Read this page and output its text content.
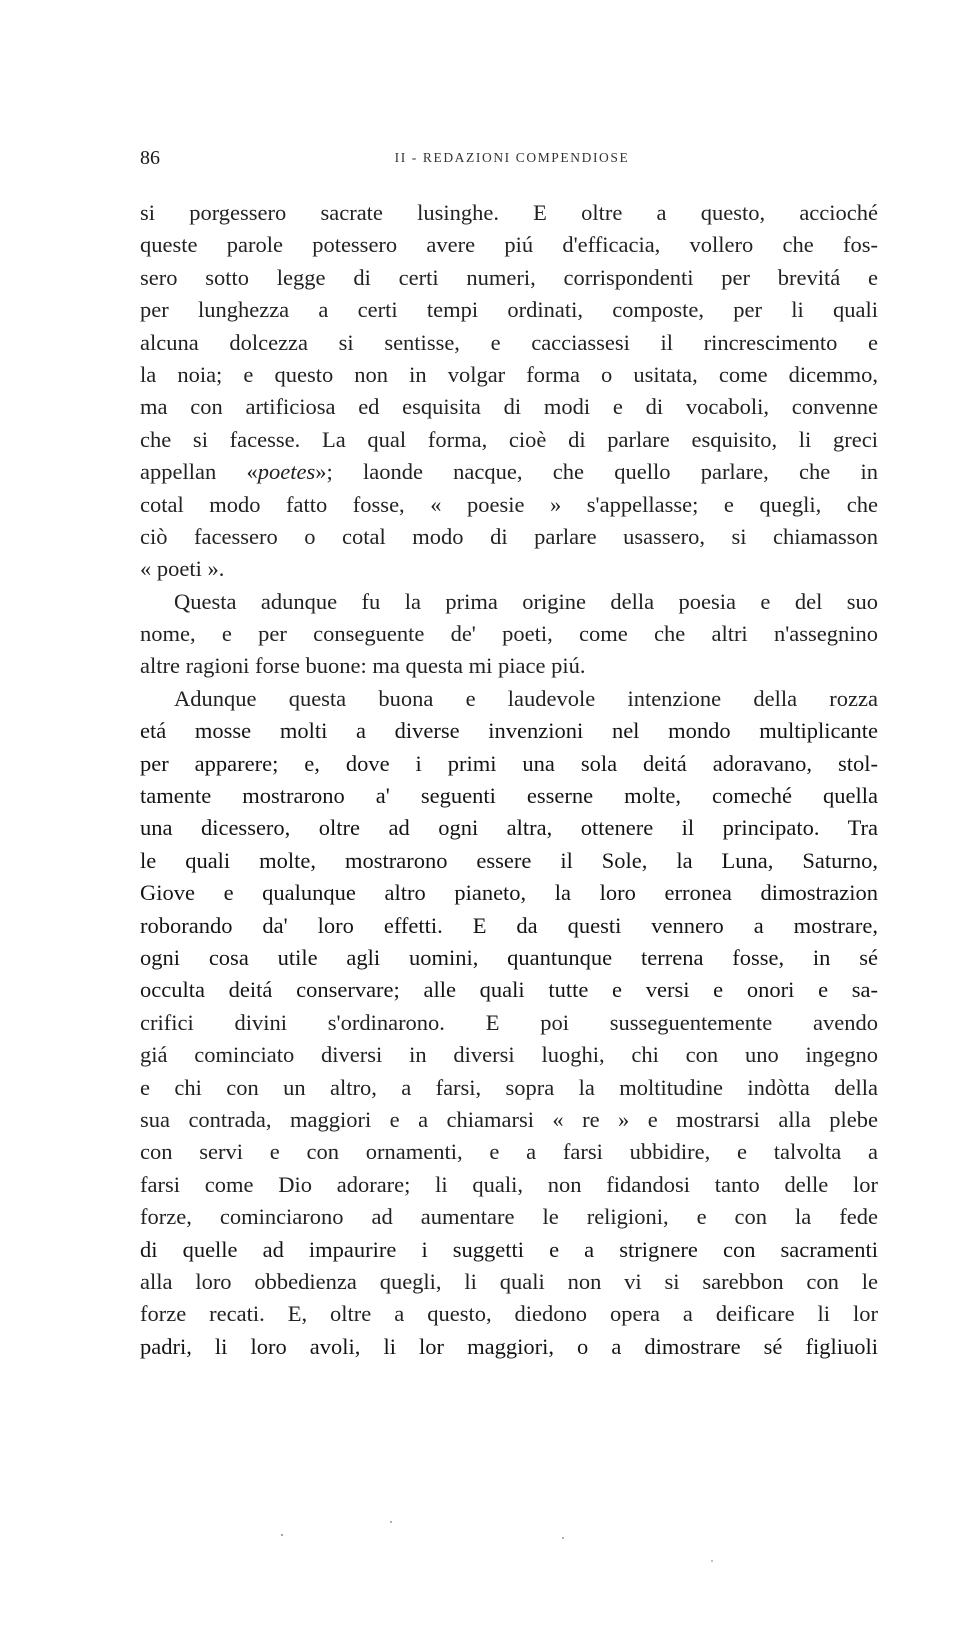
86	II - REDAZIONI COMPENDIOSE
si porgessero sacrate lusinghe. E oltre a questo, accioché
queste parole potessero avere piú d'efficacia, vollero che fos-
sero sotto legge di certi numeri, corrispondenti per brevitá e
per lunghezza a certi tempi ordinati, composte, per li quali
alcuna dolcezza si sentisse, e cacciassesi il rincrescimento e
la noia; e questo non in volgar forma o usitata, come dicemmo,
ma con artificiosa ed esquisita di modi e di vocaboli, convenne
che si facesse. La qual forma, cioè di parlare esquisito, li greci
appellan «poetes»; laonde nacque, che quello parlare, che in
cotal modo fatto fosse, « poesie » s'appellasse; e quegli, che
ciò facessero o cotal modo di parlare usassero, si chiamasson
« poeti ».
Questa adunque fu la prima origine della poesia e del suo
nome, e per conseguente de' poeti, come che altri n'assegnino
altre ragioni forse buone: ma questa mi piace piú.
Adunque questa buona e laudevole intenzione della rozza
etá mosse molti a diverse invenzioni nel mondo multiplicante
per apparere; e, dove i primi una sola deitá adoravano, stol-
tamente mostrarono a' seguenti esserne molte, comeché quella
una dicessero, oltre ad ogni altra, ottenere il principato. Tra
le quali molte, mostrarono essere il Sole, la Luna, Saturno,
Giove e qualunque altro pianeto, la loro erronea dimostrazion
roborando da' loro effetti. E da questi vennero a mostrare,
ogni cosa utile agli uomini, quantunque terrena fosse, in sé
occulta deitá conservare; alle quali tutte e versi e onori e sa-
crifici divini s'ordinarono. E poi susseguentemente avendo
giá cominciato diversi in diversi luoghi, chi con uno ingegno
e chi con un altro, a farsi, sopra la moltitudine indòtta della
sua contrada, maggiori e a chiamarsi « re » e mostrarsi alla plebe
con servi e con ornamenti, e a farsi ubbidire, e talvolta a
farsi come Dio adorare; li quali, non fidandosi tanto delle lor
forze, cominciarono ad aumentare le religioni, e con la fede
di quelle ad impaurire i suggetti e a strignere con sacramenti
alla loro obbedienza quegli, li quali non vi si sarebbon con le
forze recati. E, oltre a questo, diedono opera a deificare li lor
padri, li loro avoli, li lor maggiori, o a dimostrare sé figliuoli
